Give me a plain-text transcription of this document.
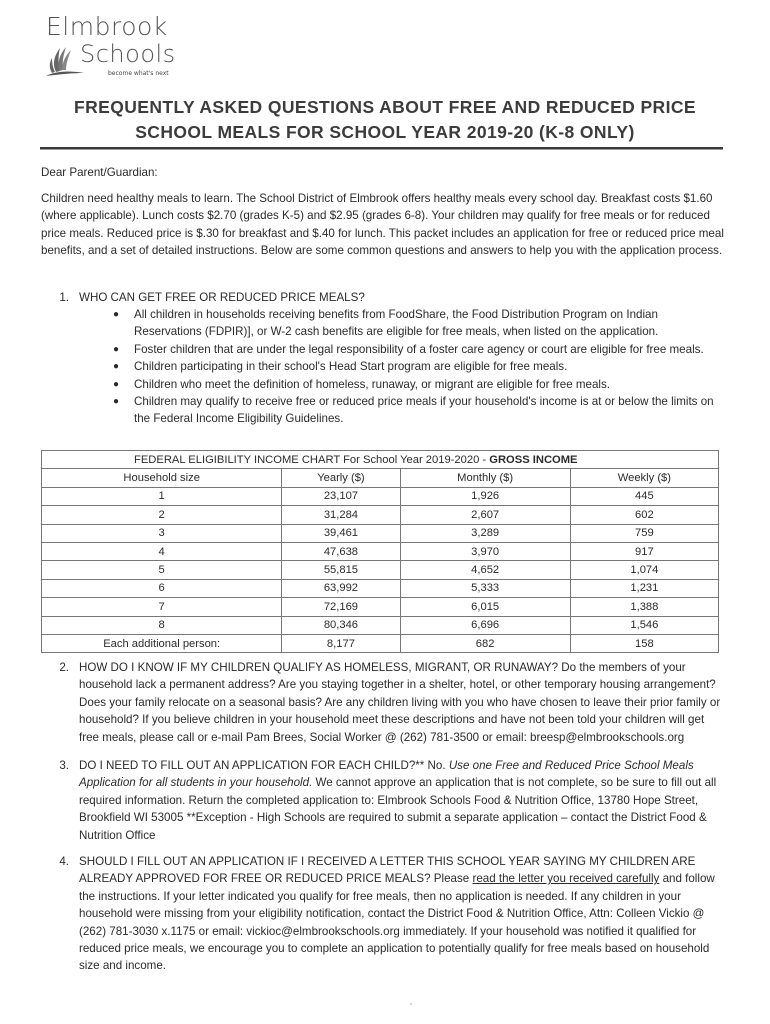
Elmbrook
Schools
become what's next
FREQUENTLY ASKED QUESTIONS ABOUT FREE AND REDUCED PRICE
SCHOOL MEALS FOR SCHOOL YEAR 2019-20 (K-8 ONLY)
Dear Parent/Guardian:
Children need healthy meals to learn. The School District of Elmbrook offers healthy meals every school day. Breakfast costs $1.60 (where applicable). Lunch costs $2.70 (grades K-5) and $2.95 (grades 6-8). Your children may qualify for free meals or for reduced price meals. Reduced price is $.30 for breakfast and $.40 for lunch. This packet includes an application for free or reduced price meal benefits, and a set of detailed instructions. Below are some common questions and answers to help you with the application process.
1. WHO CAN GET FREE OR REDUCED PRICE MEALS?
● All children in households receiving benefits from FoodShare, the Food Distribution Program on Indian Reservations (FDPIR)], or W-2 cash benefits are eligible for free meals, when listed on the application.
● Foster children that are under the legal responsibility of a foster care agency or court are eligible for free meals.
● Children participating in their school's Head Start program are eligible for free meals.
● Children who meet the definition of homeless, runaway, or migrant are eligible for free meals.
● Children may qualify to receive free or reduced price meals if your household's income is at or below the limits on the Federal Income Eligibility Guidelines.
FEDERAL ELIGIBILITY INCOME CHART For School Year 2019-2020 - GROSS INCOME			
Household size	Yearly ($)	Monthly ($)	Weekly ($)
1	23,107	1,926	445
2	31,284	2,607	602
3	39,461	3,289	759
4	47,638	3,970	917
5	55,815	4,652	1,074
6	63,992	5,333	1,231
7	72,169	6,015	1,388
8	80,346	6,696	1,546
Each additional person:	8,177	682	158
2. HOW DO I KNOW IF MY CHILDREN QUALIFY AS HOMELESS, MIGRANT, OR RUNAWAY? Do the members of your household lack a permanent address? Are you staying together in a shelter, hotel, or other temporary housing arrangement? Does your family relocate on a seasonal basis? Are any children living with you who have chosen to leave their prior family or household? If you believe children in your household meet these descriptions and have not been told your children will get free meals, please call or e-mail Pam Brees, Social Worker @ (262) 781-3500 or email: breesp@elmbrookschools.org
3. DO I NEED TO FILL OUT AN APPLICATION FOR EACH CHILD?** No. Use one Free and Reduced Price School Meals Application for all students in your household. We cannot approve an application that is not complete, so be sure to fill out all required information. Return the completed application to: Elmbrook Schools Food & Nutrition Office, 13780 Hope Street, Brookfield WI 53005 **Exception - High Schools are required to submit a separate application – contact the District Food & Nutrition Office
4. SHOULD I FILL OUT AN APPLICATION IF I RECEIVED A LETTER THIS SCHOOL YEAR SAYING MY CHILDREN ARE ALREADY APPROVED FOR FREE OR REDUCED PRICE MEALS? Please read the letter you received carefully and follow the instructions. If your letter indicated you qualify for free meals, then no application is needed. If any children in your household were missing from your eligibility notification, contact the District Food & Nutrition Office, Attn: Colleen Vickio @ (262) 781-3030 x.1175 or email: vickioc@elmbrookschools.org immediately. If your household was notified it qualified for reduced price meals, we encourage you to complete an application to potentially qualify for free meals based on household size and income.
